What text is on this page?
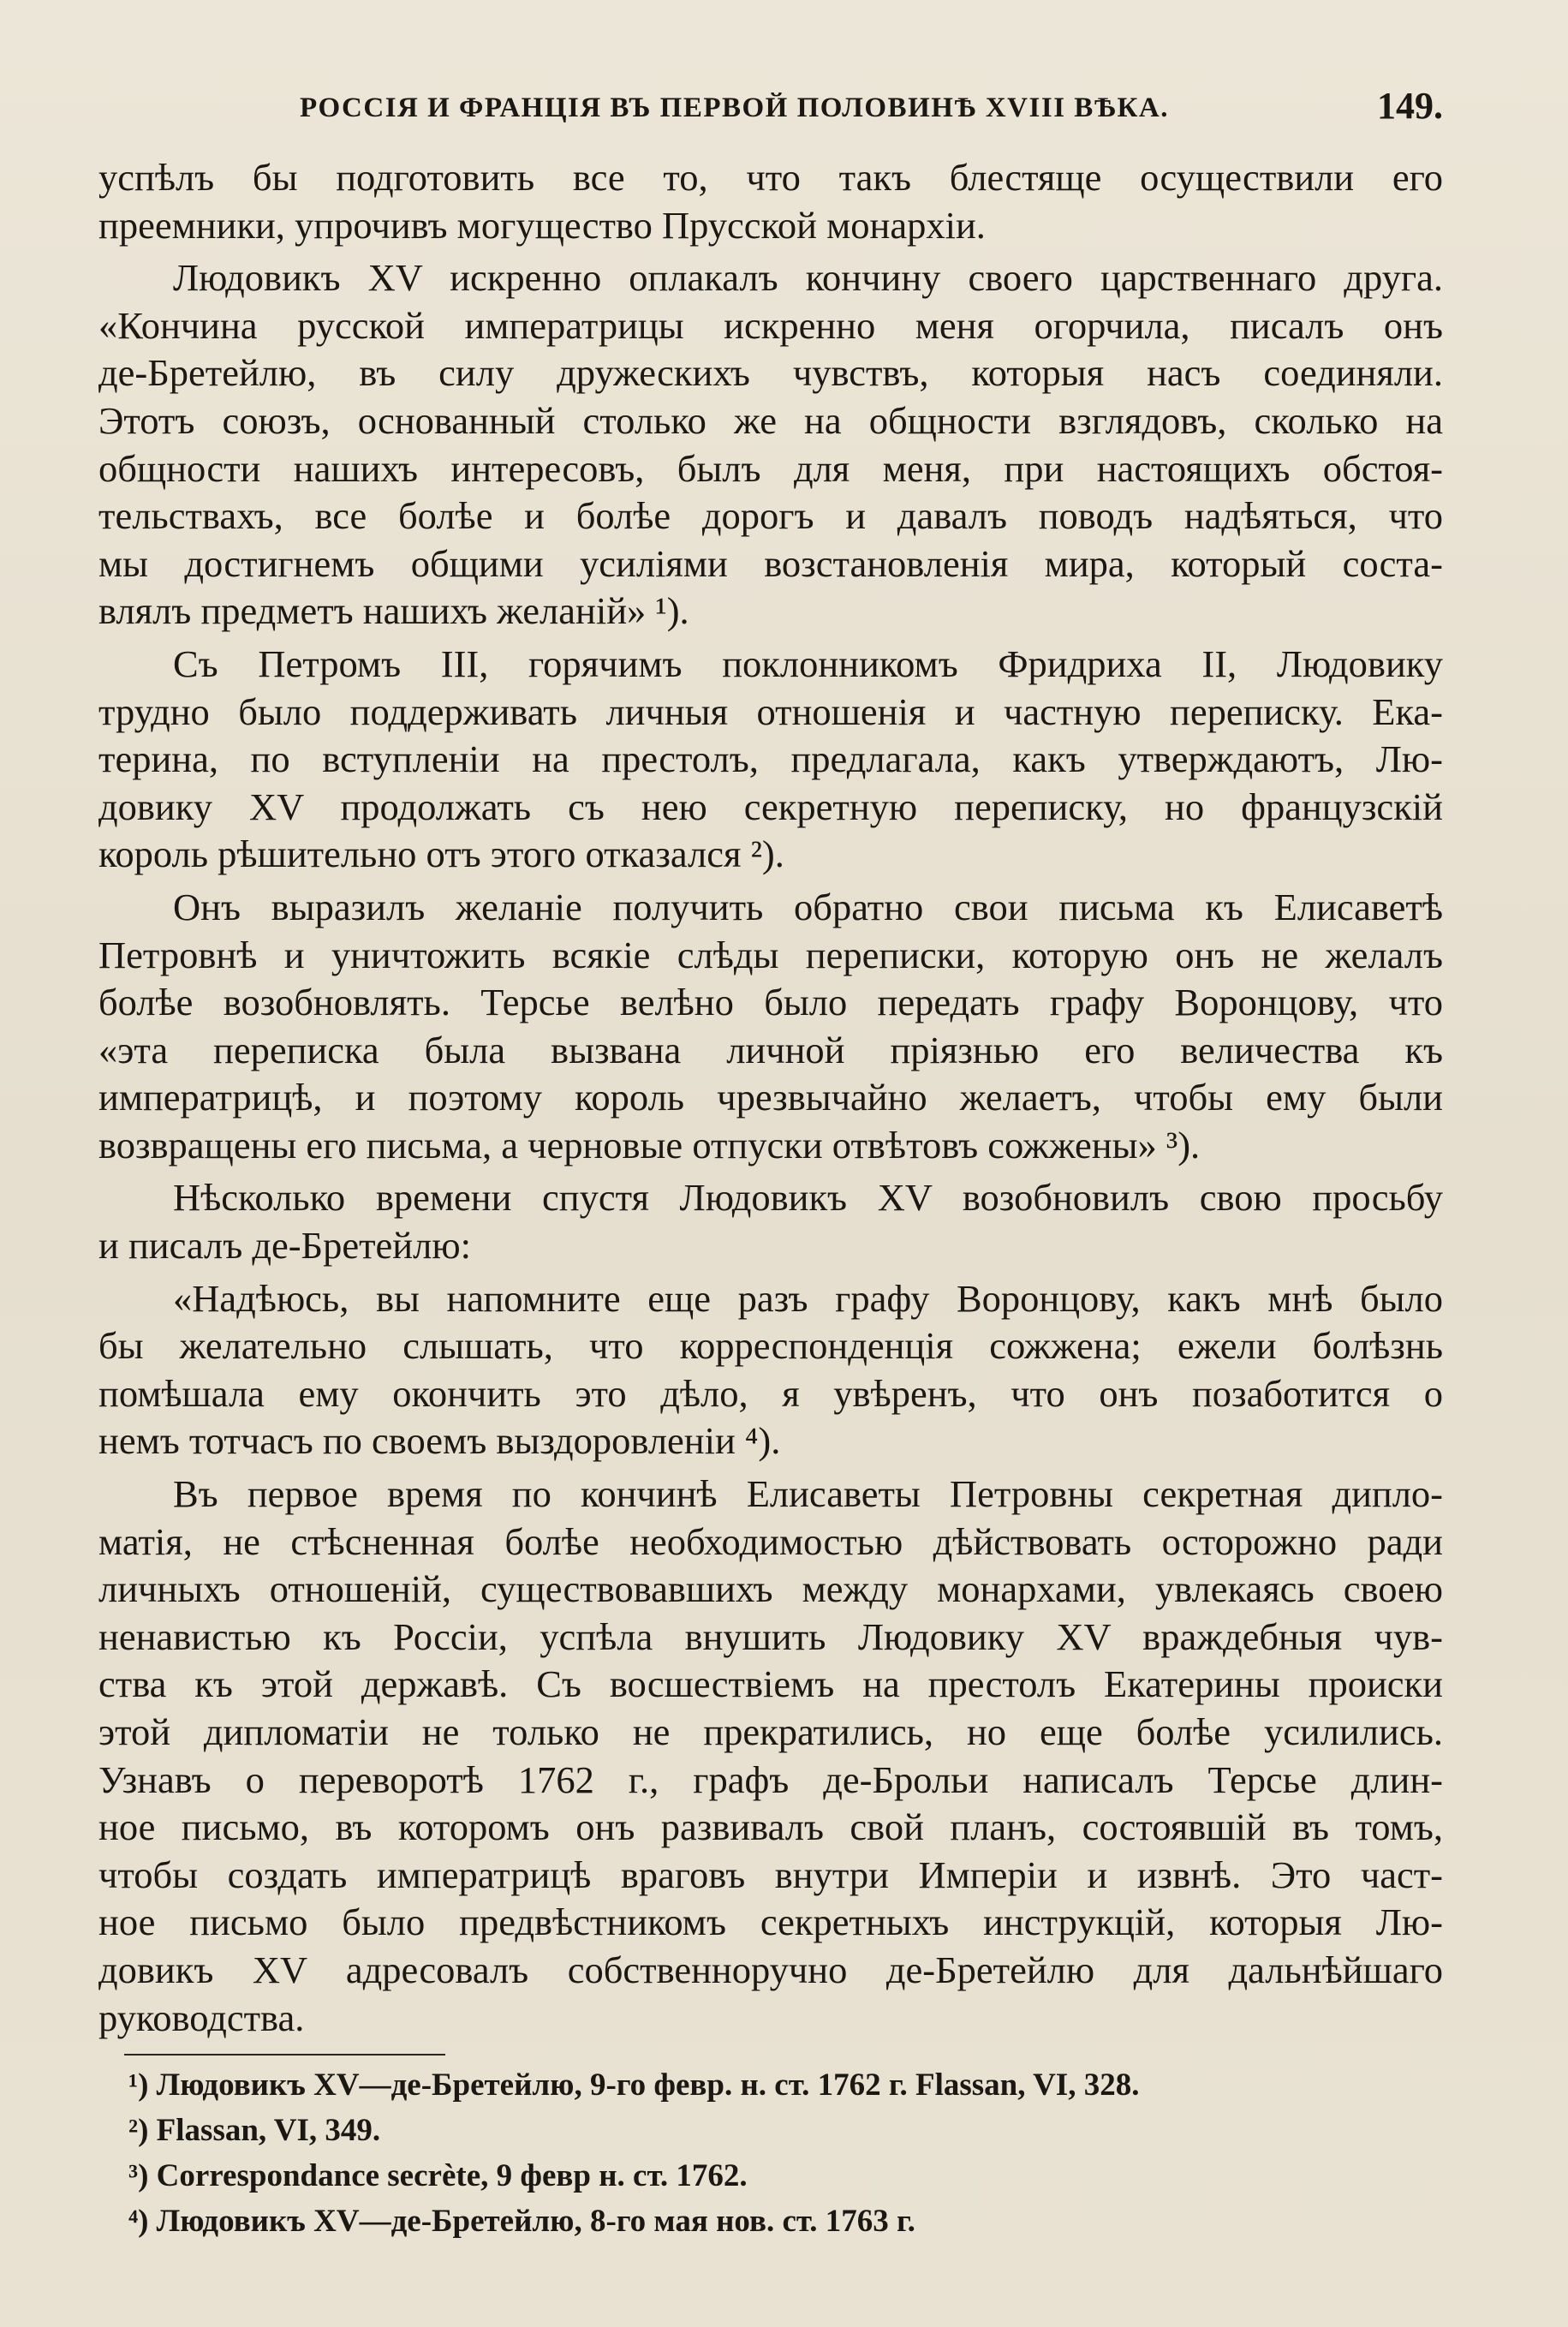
РОССІЯ И ФРАНЦІЯ ВЪ ПЕРВОЙ ПОЛОВИНѢ XVIII ВѢКА.	149.
успѣлъ бы подготовить все то, что такъ блестяще осуществили его
преемники, упрочивъ могущество Прусской монархіи.
Людовикъ XV искренно оплакалъ кончину своего царственнаго друга.
«Кончина русской императрицы искренно меня огорчила, писалъ онъ
де-Бретейлю, въ силу дружескихъ чувствъ, которыя насъ соединяли.
Этотъ союзъ, основанный столько же на общности взглядовъ, сколько на
общности нашихъ интересовъ, былъ для меня, при настоящихъ обстоя-
тельствахъ, все болѣе и болѣе дорогъ и давалъ поводъ надѣяться, что
мы достигнемъ общими усиліями возстановленія мира, который соста-
влялъ предметъ нашихъ желаній» ¹).
Съ Петромъ III, горячимъ поклонникомъ Фридриха II, Людовику
трудно было поддерживать личныя отношенія и частную переписку. Ека-
терина, по вступленіи на престолъ, предлагала, какъ утверждаютъ, Лю-
довику XV продолжать съ нею секретную переписку, но французскій
король рѣшительно отъ этого отказался ²).
Онъ выразилъ желаніе получить обратно свои письма къ Елисаветѣ
Петровнѣ и уничтожить всякіе слѣды переписки, которую онъ не желалъ
болѣе возобновлять. Терсье велѣно было передать графу Воронцову, что
«эта переписка была вызвана личной пріязнью его величества къ
императрицѣ, и поэтому король чрезвычайно желаетъ, чтобы ему были
возвращены его письма, а черновые отпуски отвѣтовъ сожжены» ³).
Нѣсколько времени спустя Людовикъ XV возобновилъ свою просьбу
и писалъ де-Бретейлю:
«Надѣюсь, вы напомните еще разъ графу Воронцову, какъ мнѣ было
бы желательно слышать, что корреспонденція сожжена; ежели болѣзнь
помѣшала ему окончить это дѣло, я увѣренъ, что онъ позаботится о
немъ тотчасъ по своемъ выздоровленіи ⁴).
Въ первое время по кончинѣ Елисаветы Петровны секретная дипло-
матія, не стѣсненная болѣе необходимостью дѣйствовать осторожно ради
личныхъ отношеній, существовавшихъ между монархами, увлекаясь своею
ненавистью къ Россіи, успѣла внушить Людовику XV враждебныя чув-
ства къ этой державѣ. Съ восшествіемъ на престолъ Екатерины происки
этой дипломатіи не только не прекратились, но еще болѣе усилились.
Узнавъ о переворотѣ 1762 г., графъ де-Брольи написалъ Терсье длин-
ное письмо, въ которомъ онъ развивалъ свой планъ, состоявшій въ томъ,
чтобы создать императрицѣ враговъ внутри Имперіи и извнѣ. Это част-
ное письмо было предвѣстникомъ секретныхъ инструкцій, которыя Лю-
довикъ XV адресовалъ собственноручно де-Бретейлю для дальнѣйшаго
руководства.
¹) Людовикъ XV—де-Бретейлю, 9-го февр. н. ст. 1762 г. Flassan, VI, 328.
²) Flassan, VI, 349.
³) Correspondance secrète, 9 февр н. ст. 1762.
⁴) Людовикъ XV—де-Бретейлю, 8-го мая нов. ст. 1763 г.
